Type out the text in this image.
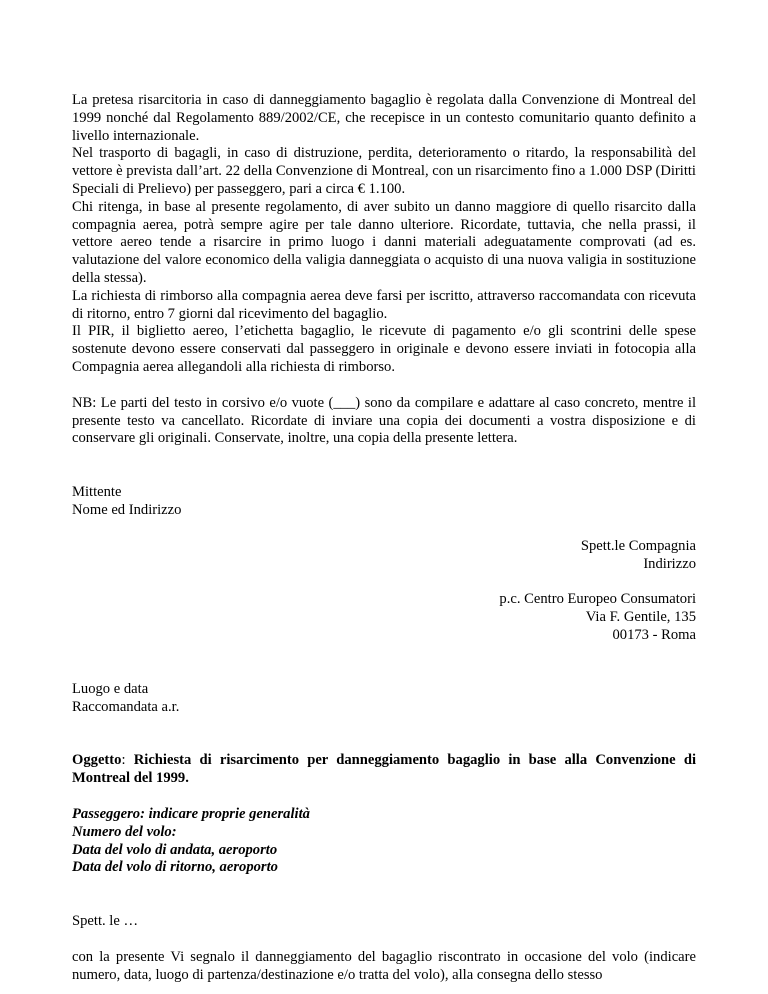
La pretesa risarcitoria in caso di danneggiamento bagaglio è regolata dalla Convenzione di Montreal del 1999 nonché dal Regolamento 889/2002/CE, che recepisce in un contesto comunitario quanto definito a livello internazionale.

Nel trasporto di bagagli, in caso di distruzione, perdita, deterioramento o ritardo, la responsabilità del vettore è prevista dall’art. 22 della Convenzione di Montreal, con un risarcimento fino a 1.000 DSP (Diritti Speciali di Prelievo) per passeggero, pari a circa € 1.100.

Chi ritenga, in base al presente regolamento, di aver subito un danno maggiore di quello risarcito dalla compagnia aerea, potrà sempre agire per tale danno ulteriore. Ricordate, tuttavia, che nella prassi, il vettore aereo tende a risarcire in primo luogo i danni materiali adeguatamente comprovati (ad es. valutazione del valore economico della valigia danneggiata o acquisto di una nuova valigia in sostituzione della stessa).

La richiesta di rimborso alla compagnia aerea deve farsi per iscritto, attraverso raccomandata con ricevuta di ritorno, entro 7 giorni dal ricevimento del bagaglio.

Il PIR, il biglietto aereo, l’etichetta bagaglio, le ricevute di pagamento e/o gli scontrini delle spese sostenute devono essere conservati dal passeggero in originale e devono essere inviati in fotocopia alla Compagnia aerea allegandoli alla richiesta di rimborso.

NB: Le parti del testo in corsivo e/o vuote (___) sono da compilare e adattare al caso concreto, mentre il presente testo va cancellato. Ricordate di inviare una copia dei documenti a vostra disposizione e di conservare gli originali. Conservate, inoltre, una copia della presente lettera.

Mittente

Nome ed Indirizzo

Spett.le Compagnia

Indirizzo

p.c. Centro Europeo Consumatori

Via F. Gentile, 135

00173 - Roma

Luogo e data

Raccomandata a.r.

Oggetto: Richiesta di risarcimento per danneggiamento bagaglio in base alla Convenzione di Montreal del 1999.

Passeggero: indicare proprie generalità

Numero del volo:

Data del volo di andata, aeroporto

Data del volo di ritorno, aeroporto

Spett. le …

con la presente Vi segnalo il danneggiamento del bagaglio riscontrato in occasione del volo (indicare numero, data, luogo di partenza/destinazione e/o tratta del volo), alla consegna dello stesso
